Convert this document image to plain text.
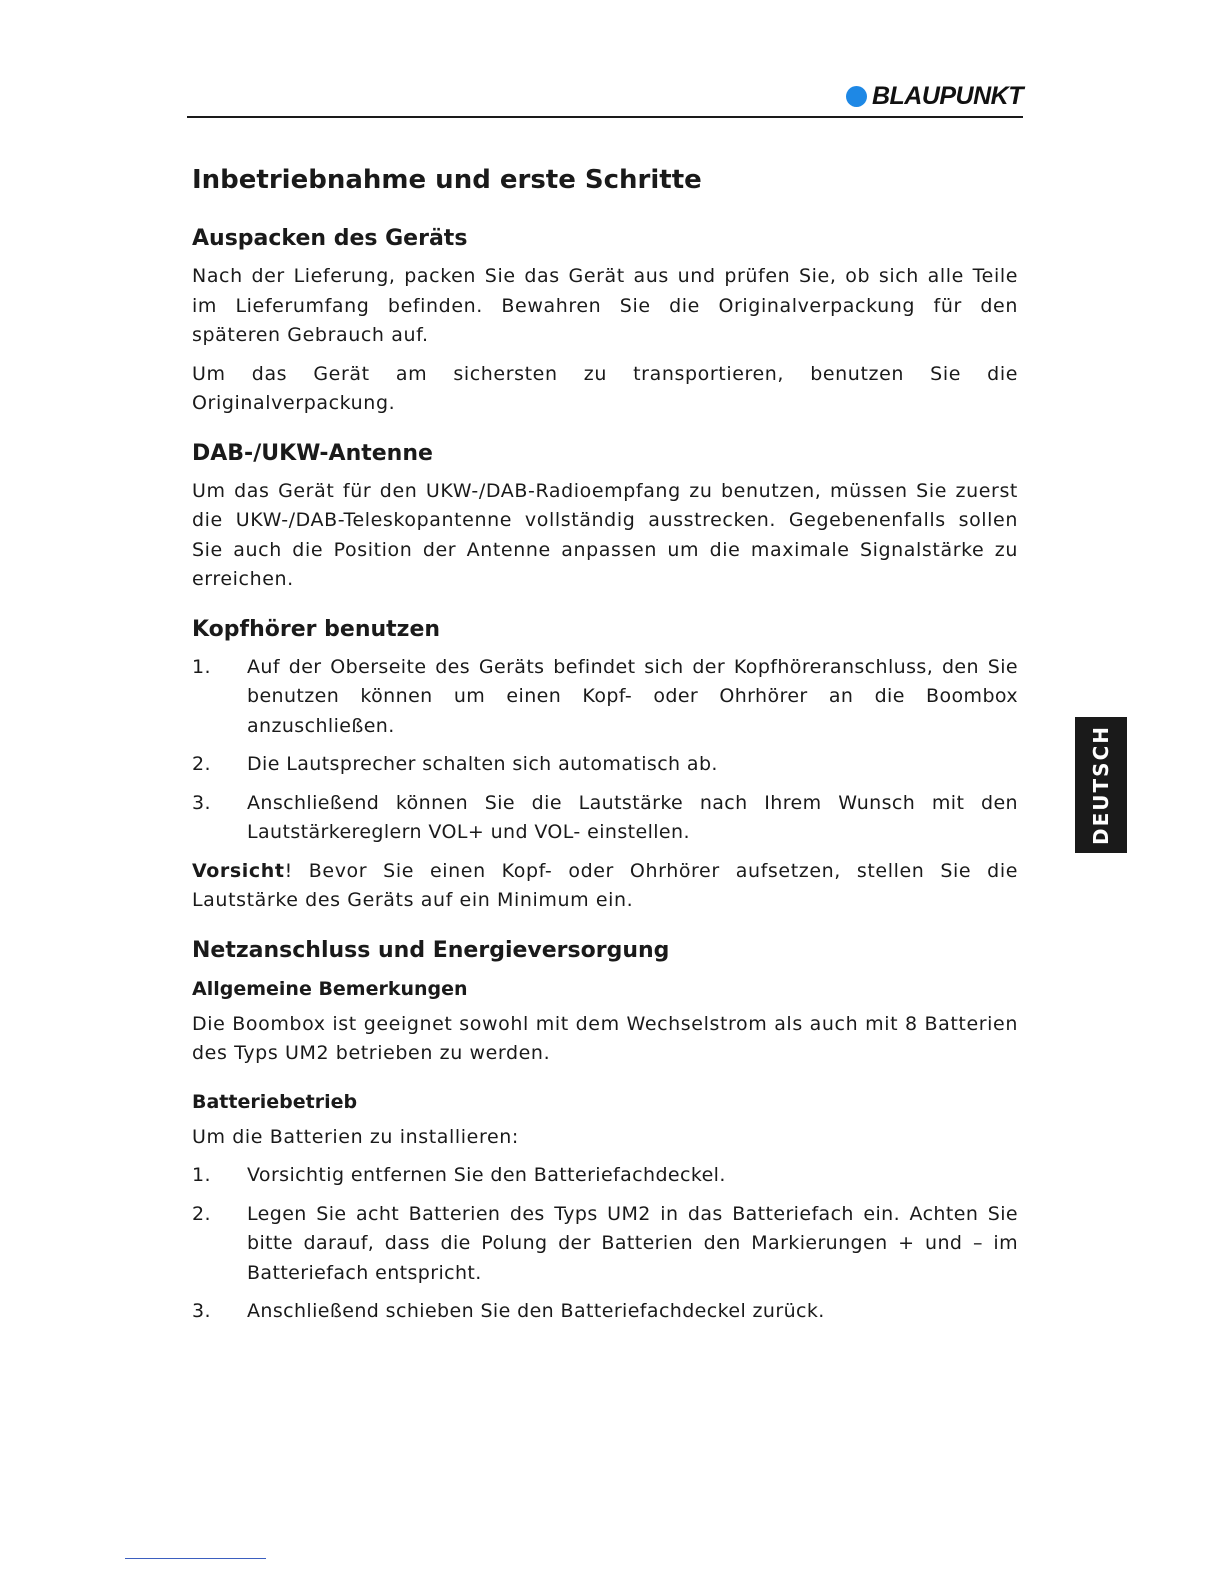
BLAUPUNKT
DEUTSCH
Inbetriebnahme und erste Schritte
Auspacken des Geräts

Nach der Lieferung, packen Sie das Gerät aus und prüfen Sie, ob sich alle Teile im Lieferumfang befinden. Bewahren Sie die Originalverpackung für den späteren Gebrauch auf.

Um das Gerät am sichersten zu transportieren, benutzen Sie die Originalverpackung.

DAB-/UKW-Antenne

Um das Gerät für den UKW-/DAB-Radioempfang zu benutzen, müssen Sie zuerst die UKW-/DAB-Teleskopantenne vollständig ausstrecken. Gegebenenfalls sollen Sie auch die Position der Antenne anpassen um die maximale Signalstärke zu erreichen.

Kopfhörer benutzen
1.	Auf der Oberseite des Geräts befindet sich der Kopfhöreranschluss, den Sie benutzen können um einen Kopf- oder Ohrhörer an die Boombox anzuschließen.
2.	Die Lautsprecher schalten sich automatisch ab.
3.	Anschließend können Sie die Lautstärke nach Ihrem Wunsch mit den Lautstärkereglern VOL+ und VOL- einstellen.

Vorsicht! Bevor Sie einen Kopf- oder Ohrhörer aufsetzen, stellen Sie die Lautstärke des Geräts auf ein Minimum ein.

Netzanschluss und Energieversorgung
Allgemeine Bemerkungen

Die Boombox ist geeignet sowohl mit dem Wechselstrom als auch mit 8 Batterien des Typs UM2 betrieben zu werden.

Batteriebetrieb

Um die Batterien zu installieren:

1.	Vorsichtig entfernen Sie den Batteriefachdeckel.
2.	Legen Sie acht Batterien des Typs UM2 in das Batteriefach ein. Achten Sie bitte darauf, dass die Polung der Batterien den Markierungen + und – im Batteriefach entspricht.
3.	Anschließend schieben Sie den Batteriefachdeckel zurück.
